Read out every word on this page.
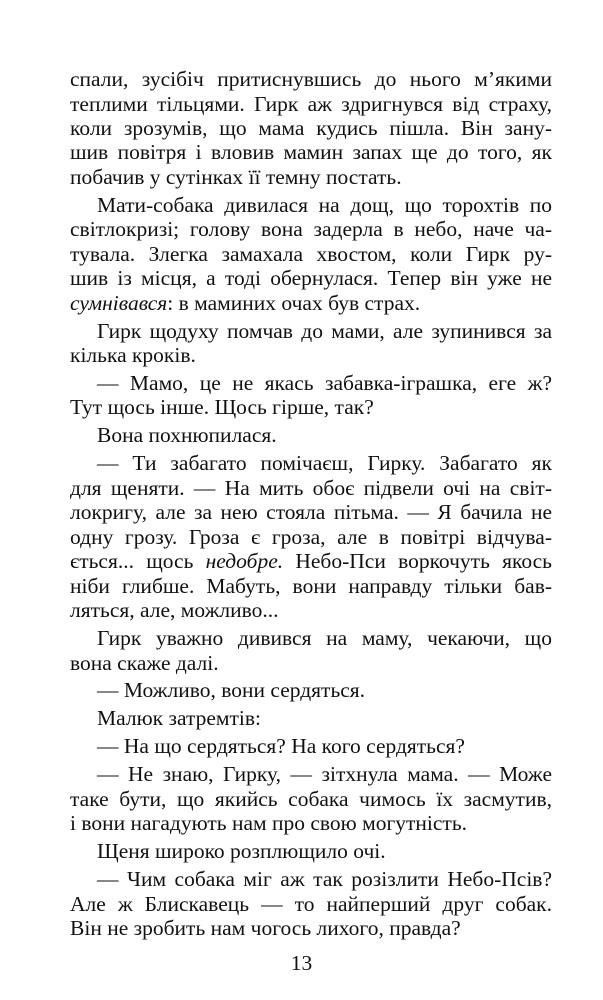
спали, зусібіч притиснувшись до нього м’якими
теплими тільцями. Гирк аж здригнувся від страху,
коли зрозумів, що мама кудись пішла. Він зану-
шив повітря і вловив мамин запах ще до того, як
побачив у сутінках її темну постать.
Мати-собака дивилася на дощ, що торохтів по
світлокризі; голову вона задерла в небо, наче ча-
тувала. Злегка замахала хвостом, коли Гирк ру-
шив із місця, а тоді обернулася. Тепер він уже не
сумнівався: в маминих очах був страх.
Гирк щодуху помчав до мами, але зупинився за
кілька кроків.
— Мамо, це не якась забавка-іграшка, еге ж?
Тут щось інше. Щось гірше, так?
Вона похнюпилася.
— Ти забагато помічаєш, Гирку. Забагато як
для щеняти. — На мить обоє підвели очі на світ-
локригу, але за нею стояла пітьма. — Я бачила не
одну грозу. Гроза є гроза, але в повітрі відчува-
ється... щось недобре. Небо-Пси воркочуть якось
ніби глибше. Мабуть, вони направду тільки бав-
ляться, але, можливо...
Гирк уважно дивився на маму, чекаючи, що
вона скаже далі.
— Можливо, вони сердяться.
Малюк затремтів:
— На що сердяться? На кого сердяться?
— Не знаю, Гирку, — зітхнула мама. — Може
таке бути, що якийсь собака чимось їх засмутив,
і вони нагадують нам про свою могутність.
Щеня широко розплющило очі.
— Чим собака міг аж так розізлити Небо-Псів?
Але ж Блискавець — то найперший друг собак.
Він не зробить нам чогось лихого, правда?
13
